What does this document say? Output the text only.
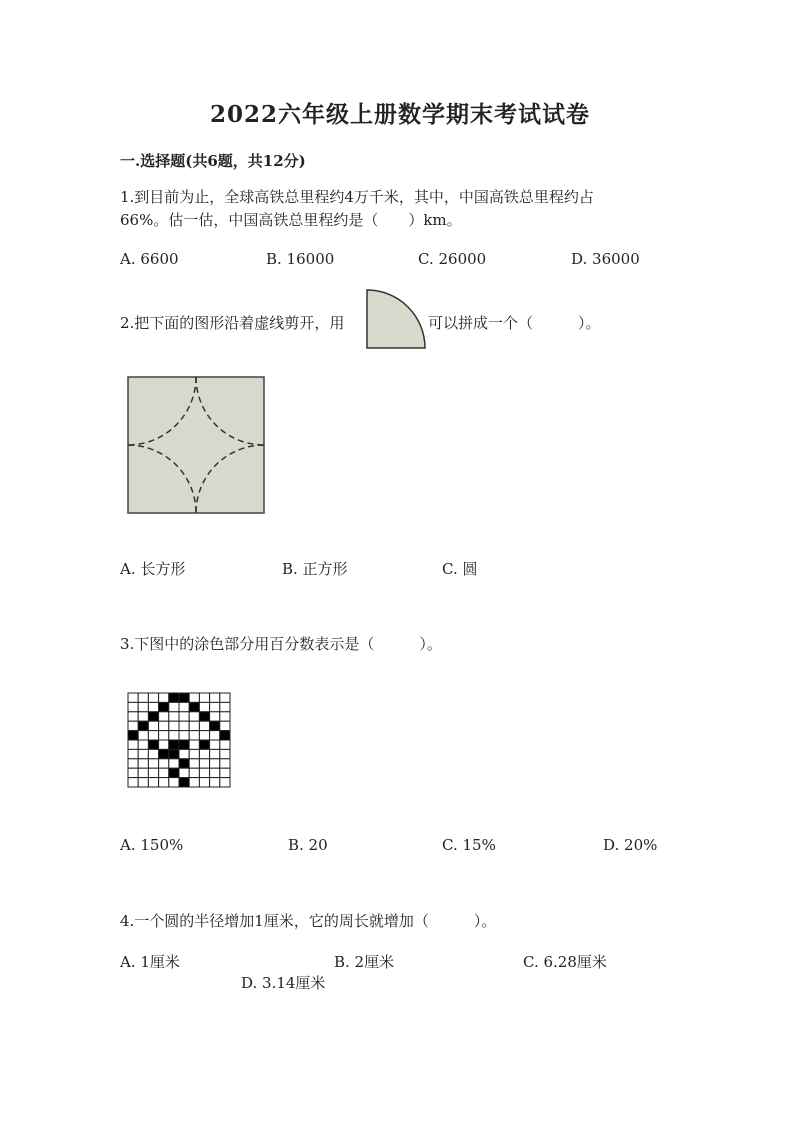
2022六年级上册数学期末考试试卷
一.选择题(共6题，共12分)
1.到目前为止，全球高铁总里程约4万千米，其中，中国高铁总里程约占
66%。估一估，中国高铁总里程约是（　　）km。
A. 6600	B. 16000	C. 26000	D. 36000
2.把下面的图形沿着虚线剪开，用	可以拼成一个（　　　）。
A. 长方形	B. 正方形	C. 圆
3.下图中的涂色部分用百分数表示是（　　　）。
A. 150%	B. 20	C. 15%	D. 20%
4.一个圆的半径增加1厘米，它的周长就增加（　　　）。
A. 1厘米	B. 2厘米	C. 6.28厘米
D. 3.14厘米
